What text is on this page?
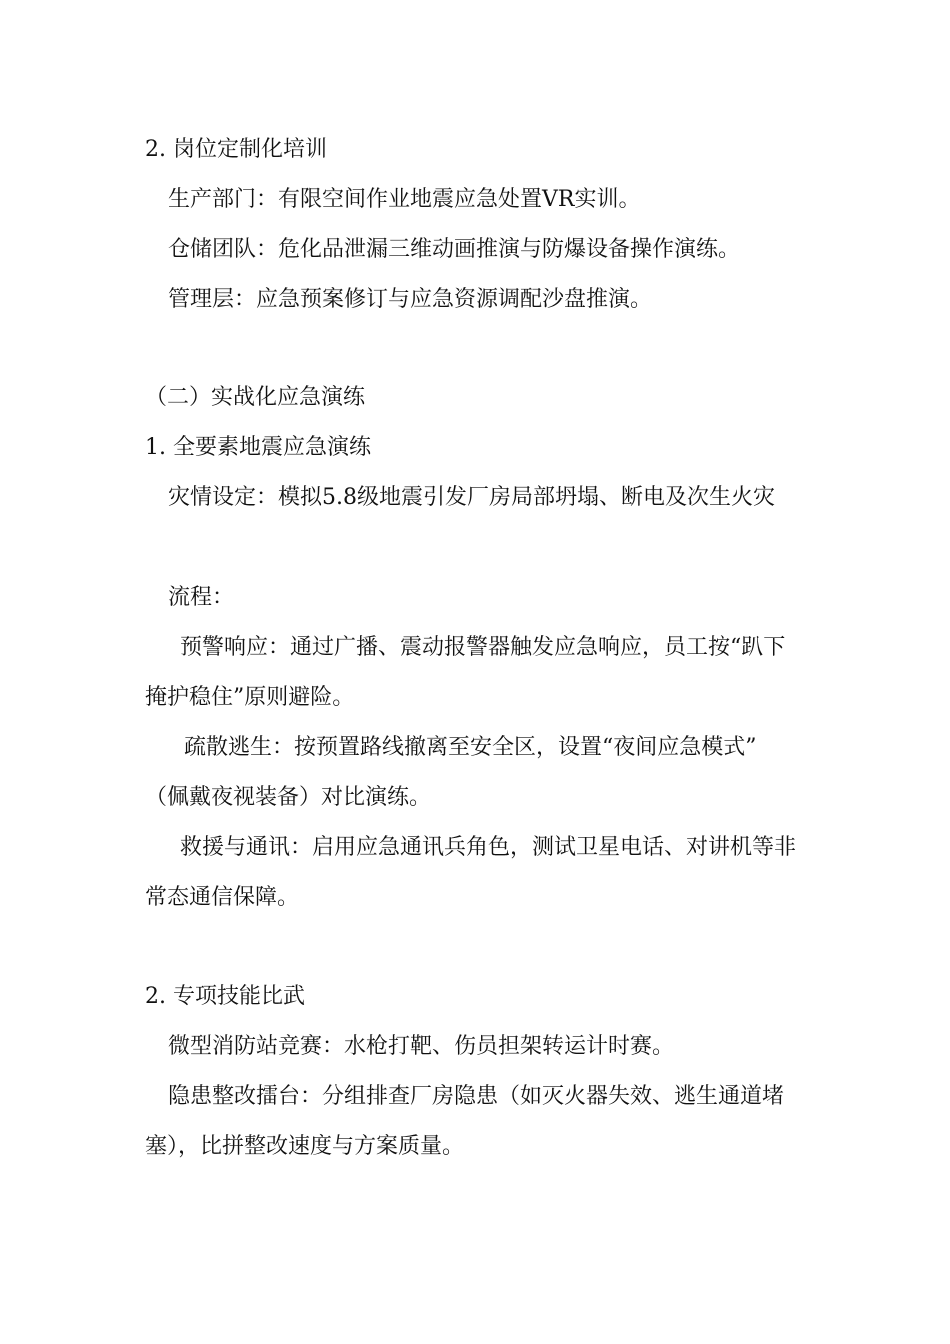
2. 岗位定制化培训
生产部门：有限空间作业地震应急处置VR实训。
仓储团队：危化品泄漏三维动画推演与防爆设备操作演练。
管理层：应急预案修订与应急资源调配沙盘推演。
（二）实战化应急演练
1. 全要素地震应急演练
灾情设定：模拟5.8级地震引发厂房局部坍塌、断电及次生火灾
流程：
预警响应：通过广播、震动报警器触发应急响应，员工按“趴下
掩护稳住”原则避险。
疏散逃生：按预置路线撤离至安全区，设置“夜间应急模式”
（佩戴夜视装备）对比演练。
救援与通讯：启用应急通讯兵角色，测试卫星电话、对讲机等非
常态通信保障。
2. 专项技能比武
微型消防站竞赛：水枪打靶、伤员担架转运计时赛。
隐患整改擂台：分组排查厂房隐患（如灭火器失效、逃生通道堵
塞），比拼整改速度与方案质量。
